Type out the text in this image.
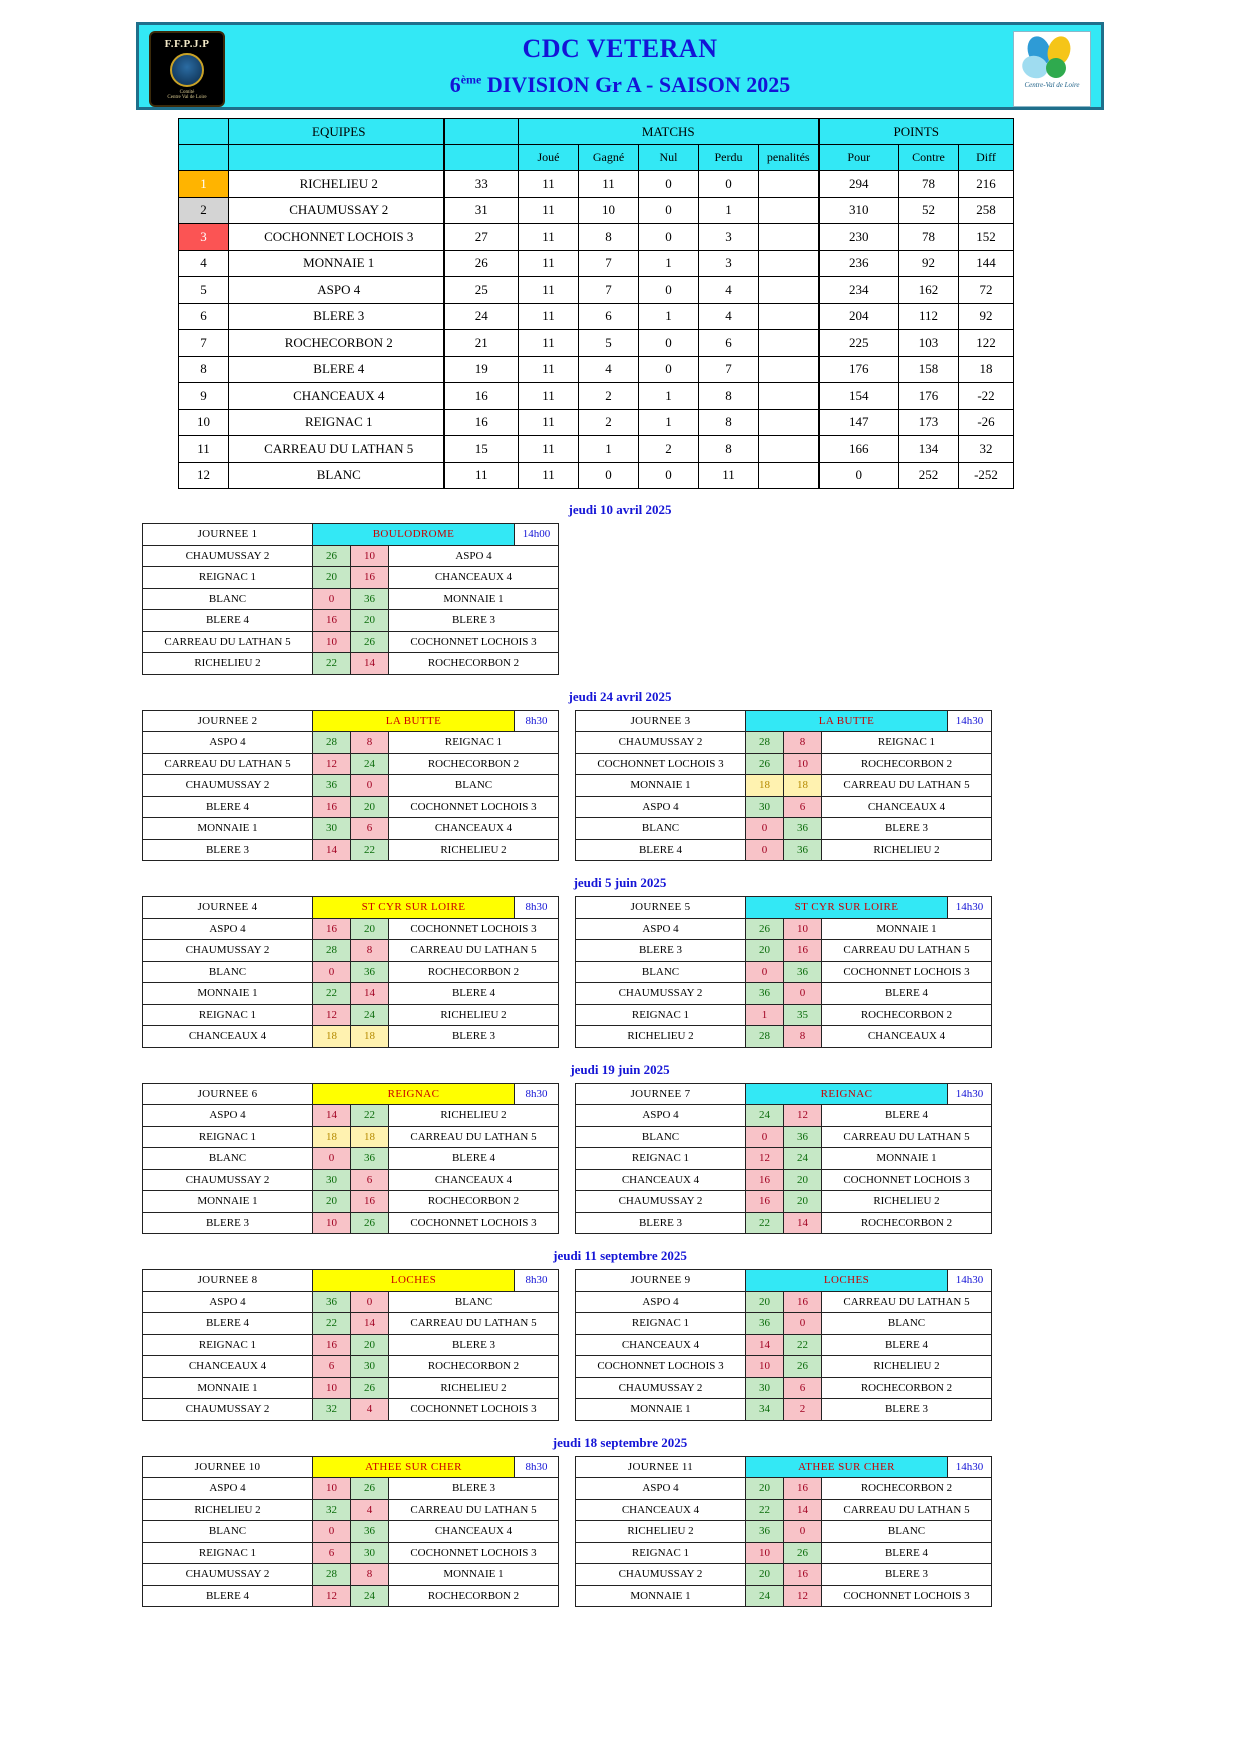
F.F.P.J.P
Comité
Centre Val de Loire
CDC VETERAN
6ème DIVISION Gr A - SAISON 2025	Centre-Val de Loire
	EQUIPES		MATCHS					POINTS		
			Joué	Gagné	Nul	Perdu	penalités	Pour	Contre	Diff
1	RICHELIEU 2	33	11	11	0	0		294	78	216
2	CHAUMUSSAY 2	31	11	10	0	1		310	52	258
3	COCHONNET LOCHOIS 3	27	11	8	0	3		230	78	152
4	MONNAIE 1	26	11	7	1	3		236	92	144
5	ASPO 4	25	11	7	0	4		234	162	72
6	BLERE 3	24	11	6	1	4		204	112	92
7	ROCHECORBON 2	21	11	5	0	6		225	103	122
8	BLERE 4	19	11	4	0	7		176	158	18
9	CHANCEAUX 4	16	11	2	1	8		154	176	-22
10	REIGNAC 1	16	11	2	1	8		147	173	-26
11	CARREAU DU LATHAN 5	15	11	1	2	8		166	134	32
12	BLANC	11	11	0	0	11		0	252	-252
jeudi 10 avril 2025
JOURNEE 1	BOULODROME			14h00
CHAUMUSSAY 2	26	10	ASPO 4	
REIGNAC 1	20	16	CHANCEAUX 4	
BLANC	0	36	MONNAIE 1	
BLERE 4	16	20	BLERE 3	
CARREAU DU LATHAN 5	10	26	COCHONNET LOCHOIS 3	
RICHELIEU 2	22	14	ROCHECORBON 2	
jeudi 24 avril 2025
JOURNEE 2	LA BUTTE			8h30
ASPO 4	28	8	REIGNAC 1	
CARREAU DU LATHAN 5	12	24	ROCHECORBON 2	
CHAUMUSSAY 2	36	0	BLANC	
BLERE 4	16	20	COCHONNET LOCHOIS 3	
MONNAIE 1	30	6	CHANCEAUX 4	
BLERE 3	14	22	RICHELIEU 2	
JOURNEE 3	LA BUTTE			14h30
CHAUMUSSAY 2	28	8	REIGNAC 1	
COCHONNET LOCHOIS 3	26	10	ROCHECORBON 2	
MONNAIE 1	18	18	CARREAU DU LATHAN 5	
ASPO 4	30	6	CHANCEAUX 4	
BLANC	0	36	BLERE 3	
BLERE 4	0	36	RICHELIEU 2	
jeudi 5 juin 2025
JOURNEE 4	ST CYR SUR LOIRE			8h30
ASPO 4	16	20	COCHONNET LOCHOIS 3	
CHAUMUSSAY 2	28	8	CARREAU DU LATHAN 5	
BLANC	0	36	ROCHECORBON 2	
MONNAIE 1	22	14	BLERE 4	
REIGNAC 1	12	24	RICHELIEU 2	
CHANCEAUX 4	18	18	BLERE 3	
JOURNEE 5	ST CYR SUR LOIRE			14h30
ASPO 4	26	10	MONNAIE 1	
BLERE 3	20	16	CARREAU DU LATHAN 5	
BLANC	0	36	COCHONNET LOCHOIS 3	
CHAUMUSSAY 2	36	0	BLERE 4	
REIGNAC 1	1	35	ROCHECORBON 2	
RICHELIEU 2	28	8	CHANCEAUX 4	
jeudi 19 juin 2025
JOURNEE 6	REIGNAC			8h30
ASPO 4	14	22	RICHELIEU 2	
REIGNAC 1	18	18	CARREAU DU LATHAN 5	
BLANC	0	36	BLERE 4	
CHAUMUSSAY 2	30	6	CHANCEAUX 4	
MONNAIE 1	20	16	ROCHECORBON 2	
BLERE 3	10	26	COCHONNET LOCHOIS 3	
JOURNEE 7	REIGNAC			14h30
ASPO 4	24	12	BLERE 4	
BLANC	0	36	CARREAU DU LATHAN 5	
REIGNAC 1	12	24	MONNAIE 1	
CHANCEAUX 4	16	20	COCHONNET LOCHOIS 3	
CHAUMUSSAY 2	16	20	RICHELIEU 2	
BLERE 3	22	14	ROCHECORBON 2	
jeudi 11 septembre 2025
JOURNEE 8	LOCHES			8h30
ASPO 4	36	0	BLANC	
BLERE 4	22	14	CARREAU DU LATHAN 5	
REIGNAC 1	16	20	BLERE 3	
CHANCEAUX 4	6	30	ROCHECORBON 2	
MONNAIE 1	10	26	RICHELIEU 2	
CHAUMUSSAY 2	32	4	COCHONNET LOCHOIS 3	
JOURNEE 9	LOCHES			14h30
ASPO 4	20	16	CARREAU DU LATHAN 5	
REIGNAC 1	36	0	BLANC	
CHANCEAUX 4	14	22	BLERE 4	
COCHONNET LOCHOIS 3	10	26	RICHELIEU 2	
CHAUMUSSAY 2	30	6	ROCHECORBON 2	
MONNAIE 1	34	2	BLERE 3	
jeudi 18 septembre 2025
JOURNEE 10	ATHEE SUR CHER			8h30
ASPO 4	10	26	BLERE 3	
RICHELIEU 2	32	4	CARREAU DU LATHAN 5	
BLANC	0	36	CHANCEAUX 4	
REIGNAC 1	6	30	COCHONNET LOCHOIS 3	
CHAUMUSSAY 2	28	8	MONNAIE 1	
BLERE 4	12	24	ROCHECORBON 2	
JOURNEE 11	ATHEE SUR CHER			14h30
ASPO 4	20	16	ROCHECORBON 2	
CHANCEAUX 4	22	14	CARREAU DU LATHAN 5	
RICHELIEU 2	36	0	BLANC	
REIGNAC 1	10	26	BLERE 4	
CHAUMUSSAY 2	20	16	BLERE 3	
MONNAIE 1	24	12	COCHONNET LOCHOIS 3	
